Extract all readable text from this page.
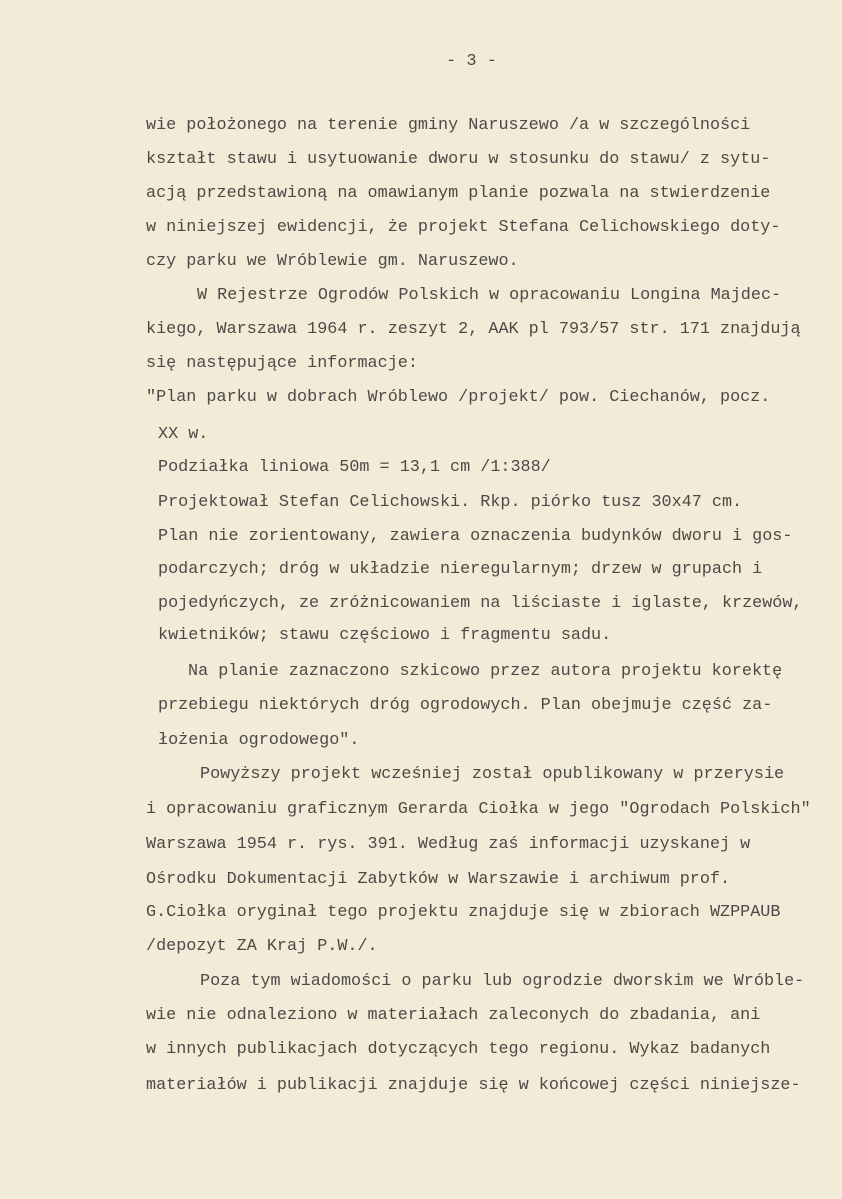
- 3 -
wie położonego na terenie gminy Naruszewo /a w szczególności
kształt stawu i usytuowanie dworu w stosunku do stawu/ z sytu-
acją przedstawioną na omawianym planie pozwala na stwierdzenie
w niniejszej ewidencji, że projekt Stefana Celichowskiego doty-
czy parku we Wróblewie gm. Naruszewo.
W Rejestrze Ogrodów Polskich w opracowaniu Longina Majdec-
kiego, Warszawa 1964 r. zeszyt 2, AAK pl 793/57 str. 171 znajdują
się następujące informacje:
"Plan parku w dobrach Wróblewo /projekt/ pow. Ciechanów, pocz.
XX w.
Podziałka liniowa 50m = 13,1 cm /1:388/
Projektował Stefan Celichowski. Rkp. piórko tusz 30x47 cm.
Plan nie zorientowany, zawiera oznaczenia budynków dworu i gos-
podarczych; dróg w układzie nieregularnym; drzew w grupach i
pojedyńczych, ze zróżnicowaniem na liściaste i iglaste, krzewów,
kwietników; stawu częściowo i fragmentu sadu.
Na planie zaznaczono szkicowo przez autora projektu korektę
przebiegu niektórych dróg ogrodowych. Plan obejmuje część za-
łożenia ogrodowego".
Powyższy projekt wcześniej został opublikowany w przerysie
i opracowaniu graficznym Gerarda Ciołka w jego "Ogrodach Polskich"
Warszawa 1954 r. rys. 391. Według zaś informacji uzyskanej w
Ośrodku Dokumentacji Zabytków w Warszawie i archiwum prof.
G.Ciołka oryginał tego projektu znajduje się w zbiorach WZPPAUB
/depozyt ZA Kraj P.W./.
Poza tym wiadomości o parku lub ogrodzie dworskim we Wróble-
wie nie odnaleziono w materiałach zaleconych do zbadania, ani
w innych publikacjach dotyczących tego regionu. Wykaz badanych
materiałów i publikacji znajduje się w końcowej części niniejsze-
